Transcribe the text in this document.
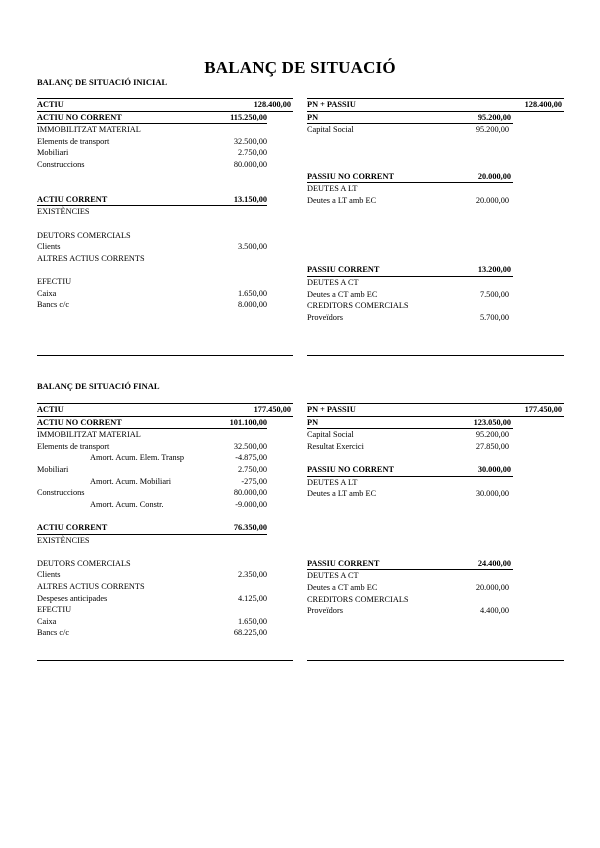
BALANÇ DE SITUACIÓ
BALANÇ DE SITUACIÓ INICIAL
ACTIU	128.400,00
ACTIU NO CORRENT	115.250,00
IMMOBILITZAT MATERIAL
Elements de transport	32.500,00
Mobiliari	2.750,00
Construccions	80.000,00
ACTIU CORRENT	13.150,00
EXISTÈNCIES
DEUTORS COMERCIALS
Clients	3.500,00
ALTRES ACTIUS CORRENTS
EFECTIU
Caixa	1.650,00
Bancs c/c	8.000,00
PN + PASSIU	128.400,00
PN	95.200,00
Capital Social	95.200,00
PASSIU NO CORRENT	20.000,00
DEUTES A LT
Deutes a LT amb EC	20.000,00
PASSIU CORRENT	13.200,00
DEUTES A CT
Deutes a CT amb EC	7.500,00
CREDITORS COMERCIALS
Proveïdors	5.700,00
BALANÇ DE SITUACIÓ FINAL
ACTIU	177.450,00
ACTIU NO CORRENT	101.100,00
IMMOBILITZAT MATERIAL
Elements de transport	32.500,00
Amort. Acum. Elem. Transp	-4.875,00
Mobiliari	2.750,00
Amort. Acum. Mobiliari	-275,00
Construccions	80.000,00
Amort. Acum. Constr.	-9.000,00
ACTIU CORRENT	76.350,00
EXISTÈNCIES
DEUTORS COMERCIALS
Clients	2.350,00
ALTRES ACTIUS CORRENTS
Despeses anticipades	4.125,00
EFECTIU
Caixa	1.650,00
Bancs c/c	68.225,00
PN + PASSIU	177.450,00
PN	123.050,00
Capital Social	95.200,00
Resultat Exercici	27.850,00
PASSIU NO CORRENT	30.000,00
DEUTES A LT
Deutes a LT amb EC	30.000,00
PASSIU CORRENT	24.400,00
DEUTES A CT
Deutes a CT amb EC	20.000,00
CREDITORS COMERCIALS
Proveïdors	4.400,00
